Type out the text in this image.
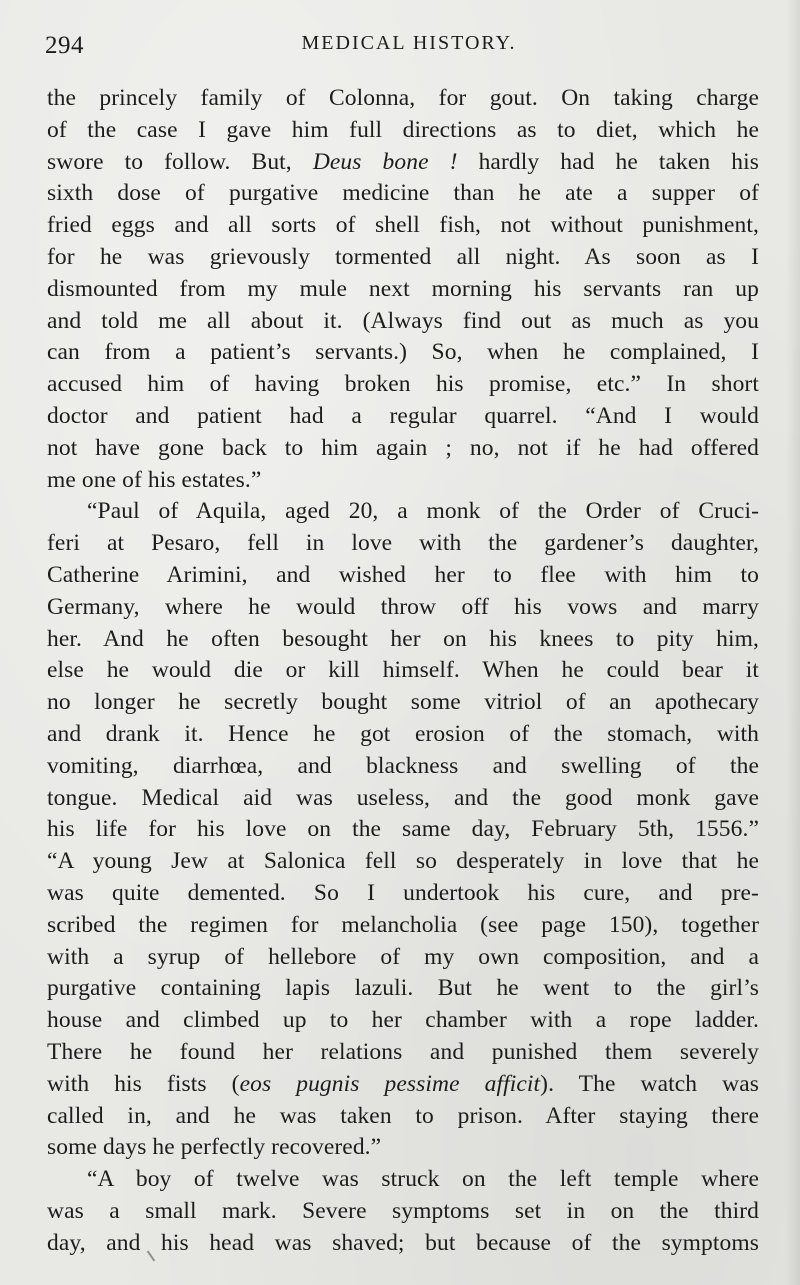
294	MEDICAL HISTORY.
the princely family of Colonna, for gout. On taking charge
of the case I gave him full directions as to diet, which he
swore to follow. But, Deus bone ! hardly had he taken his
sixth dose of purgative medicine than he ate a supper of
fried eggs and all sorts of shell fish, not without punishment,
for he was grievously tormented all night. As soon as I
dismounted from my mule next morning his servants ran up
and told me all about it. (Always find out as much as you
can from a patient’s servants.) So, when he complained, I
accused him of having broken his promise, etc.” In short
doctor and patient had a regular quarrel. “And I would
not have gone back to him again ; no, not if he had offered
me one of his estates.”
“Paul of Aquila, aged 20, a monk of the Order of Cruci-
feri at Pesaro, fell in love with the gardener’s daughter,
Catherine Arimini, and wished her to flee with him to
Germany, where he would throw off his vows and marry
her. And he often besought her on his knees to pity him,
else he would die or kill himself. When he could bear it
no longer he secretly bought some vitriol of an apothecary
and drank it. Hence he got erosion of the stomach, with
vomiting, diarrhœa, and blackness and swelling of the
tongue. Medical aid was useless, and the good monk gave
his life for his love on the same day, February 5th, 1556.”
“A young Jew at Salonica fell so desperately in love that he
was quite demented. So I undertook his cure, and pre-
scribed the regimen for melancholia (see page 150), together
with a syrup of hellebore of my own composition, and a
purgative containing lapis lazuli. But he went to the girl’s
house and climbed up to her chamber with a rope ladder.
There he found her relations and punished them severely
with his fists (eos pugnis pessime afficit). The watch was
called in, and he was taken to prison. After staying there
some days he perfectly recovered.”
“A boy of twelve was struck on the left temple where
was a small mark. Severe symptoms set in on the third
day, and his head was shaved; but because of the symptoms
